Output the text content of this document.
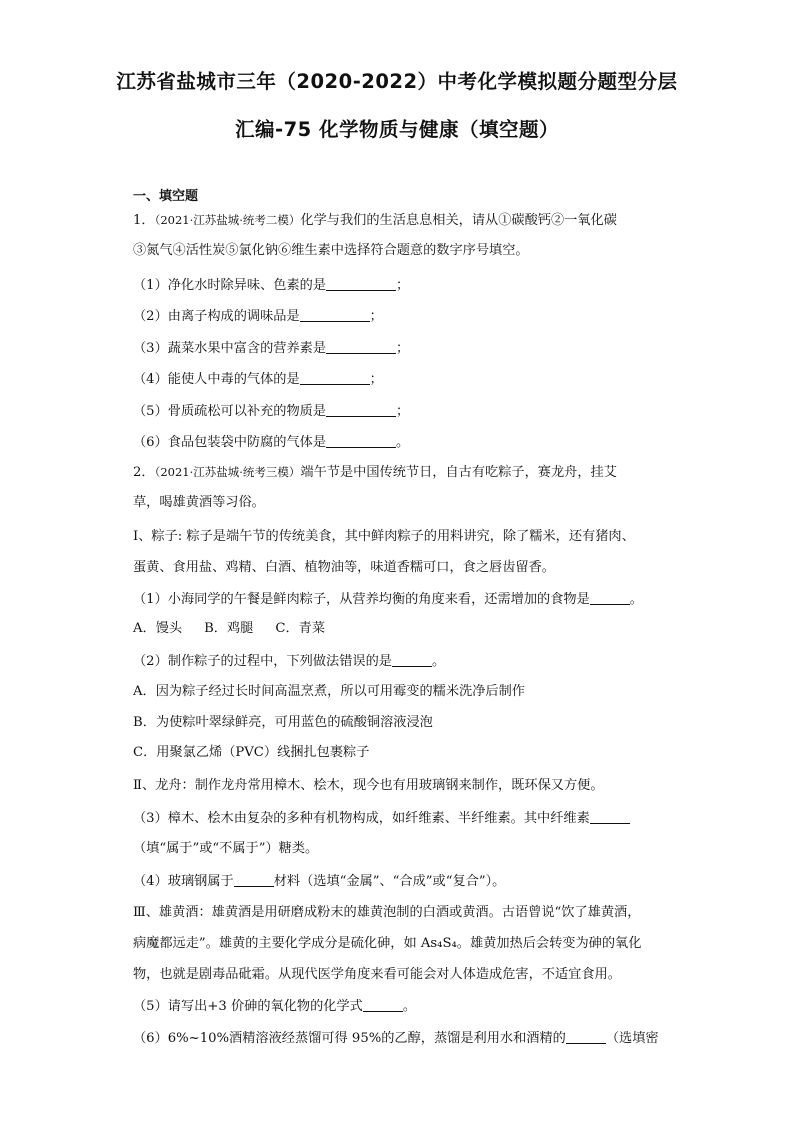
江苏省盐城市三年（2020-2022）中考化学模拟题分题型分层
汇编-75 化学物质与健康（填空题）
一、填空题
1．（2021·江苏盐城·统考二模）化学与我们的生活息息相关，请从①碳酸钙②一氧化碳
③氮气④活性炭⑤氯化钠⑥维生素中选择符合题意的数字序号填空。
（1）净化水时除异味、色素的是	；
（2）由离子构成的调味品是	；
（3）蔬菜水果中富含的营养素是	；
（4）能使人中毒的气体的是	；
（5）骨质疏松可以补充的物质是	；
（6）食品包装袋中防腐的气体是	。
2．（2021·江苏盐城·统考三模）端午节是中国传统节日，自古有吃粽子，赛龙舟，挂艾
草，喝雄黄酒等习俗。
Ⅰ、粽子: 粽子是端午节的传统美食，其中鲜肉粽子的用料讲究，除了糯米，还有猪肉、
蛋黄、食用盐、鸡精、白酒、植物油等，味道香糯可口，食之唇齿留香。
（1）小海同学的午餐是鲜肉粽子，从营养均衡的角度来看，还需增加的食物是	。
A．馒头 B．鸡腿 C．青菜
（2）制作粽子的过程中，下列做法错误的是	。
A．因为粽子经过长时间高温烹煮，所以可用霉变的糯米洗净后制作
B．为使粽叶翠绿鲜亮，可用蓝色的硫酸铜溶液浸泡
C．用聚氯乙烯（PVC）线捆扎包裹粽子
Ⅱ、龙舟：制作龙舟常用樟木、桧木，现今也有用玻璃钢来制作，既环保又方便。
（3）樟木、桧木由复杂的多种有机物构成，如纤维素、半纤维素。其中纤维素
（填“属于”或“不属于”）糖类。
（4）玻璃钢属于	材料（选填“金属”、“合成”或“复合”）。
Ⅲ、雄黄酒：雄黄酒是用研磨成粉末的雄黄泡制的白酒或黄酒。古语曾说“饮了雄黄酒，
病魔都远走”。雄黄的主要化学成分是硫化砷，如 As₄S₄。雄黄加热后会转变为砷的氧化
物，也就是剧毒品砒霜。从现代医学角度来看可能会对人体造成危害，不适宜食用。
（5）请写出+3 价砷的氧化物的化学式	。
（6）6%~10%酒精溶液经蒸馏可得 95%的乙醇，蒸馏是利用水和酒精的	（选填密
